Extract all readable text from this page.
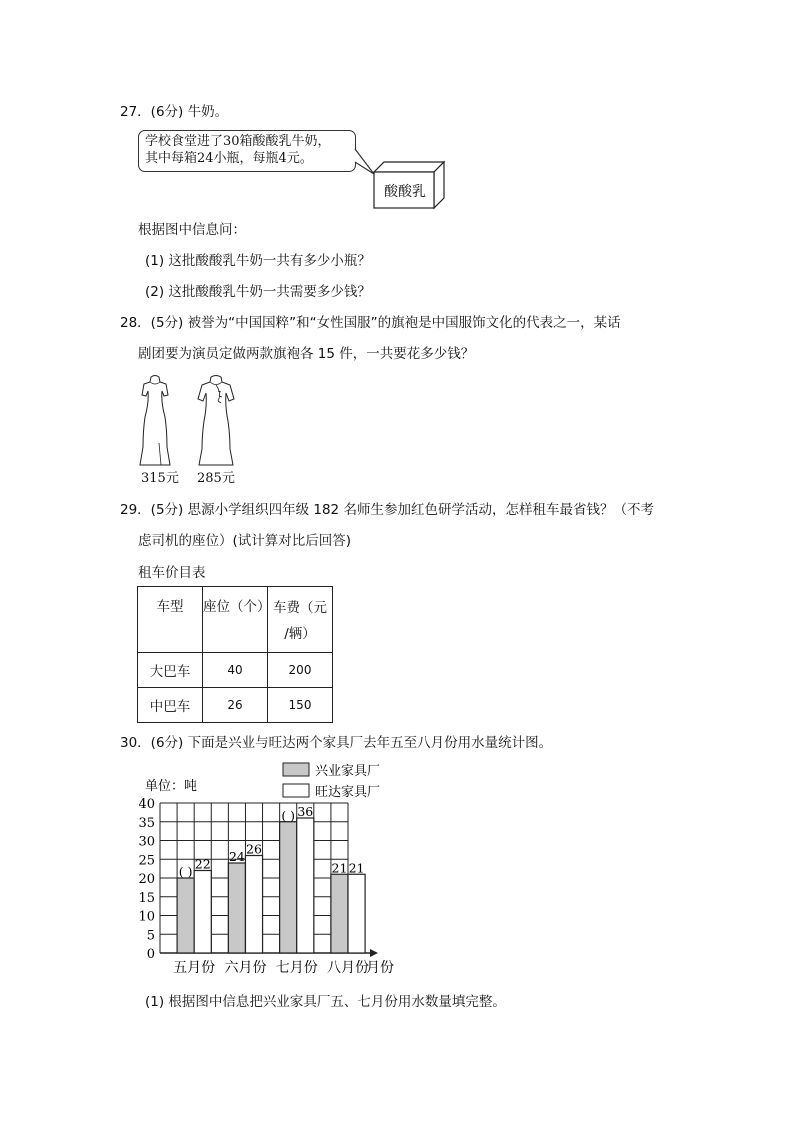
27．(6分) 牛奶。
学校食堂进了30箱酸酸乳牛奶，
其中每箱24小瓶，每瓶4元。
酸酸乳
根据图中信息问：
(1) 这批酸酸乳牛奶一共有多少小瓶？
(2) 这批酸酸乳牛奶一共需要多少钱？
28．(5分) 被誉为“中国国粹”和“女性国服”的旗袍是中国服饰文化的代表之一，某话
剧团要为演员定做两款旗袍各 15 件，一共要花多少钱？
315元 285元
29．(5分) 思源小学组织四年级 182 名师生参加红色研学活动，怎样租车最省钱？（不考
虑司机的座位）(试计算对比后回答)
租车价目表
车型	座位（个）	车费（元
/辆）

大巴车	40	200
中巴车	26	150
30．(6分) 下面是兴业与旺达两个家具厂去年五至八月份用水量统计图。
0
5
10
15
20
25
30
35
40
( ) 22
五月份
24 26
六月份
( ) 36
七月份
21 21
八月份
单位：吨
兴业家具厂
旺达家具厂
月份
(1) 根据图中信息把兴业家具厂五、七月份用水数量填完整。
